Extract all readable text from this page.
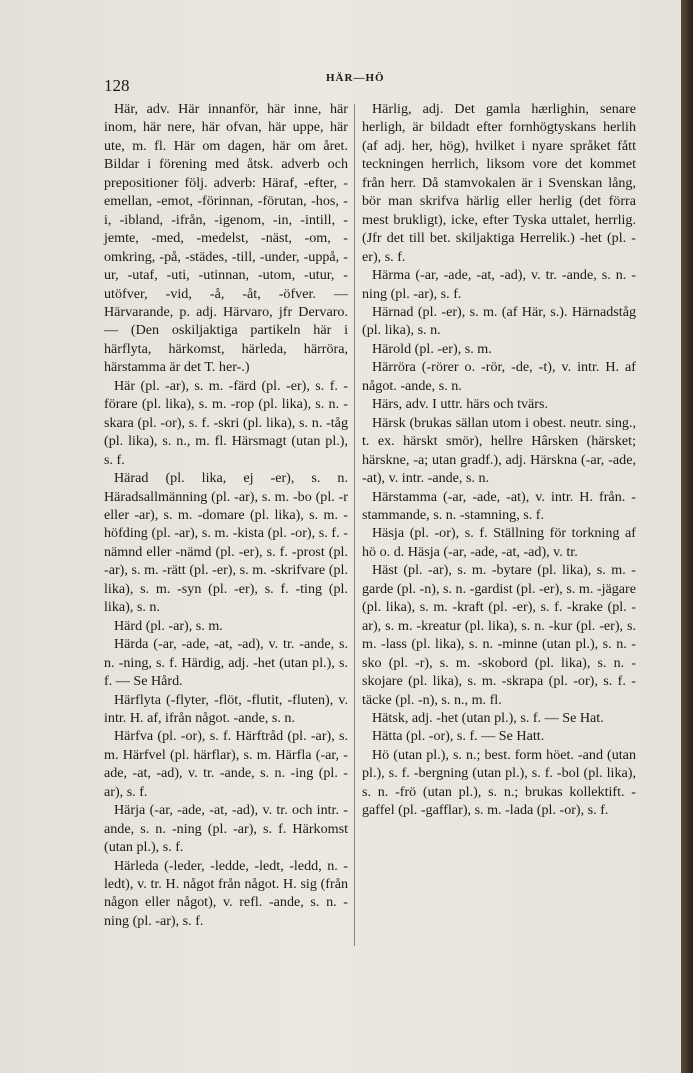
128	HÄR—HÖ

Här, adv. Här innanför, här inne, här inom, här nere, här ofvan, här uppe, här ute, m. fl. Här om dagen, här om året. Bildar i förening med åtsk. adverb och prepositioner följ. adverb: Häraf, -efter, -emellan, -emot, -förinnan, -förutan, -hos, -i, -ibland, -ifrån, -igenom, -in, -intill, -jemte, -med, -medelst, -näst, -om, -omkring, -på, -städes, -till, -under, -uppå, -ur, -utaf, -uti, -utinnan, -utom, -utur, -utöfver, -vid, -å, -åt, -öfver. — Härvarande, p. adj. Härvaro, jfr Dervaro. — (Den oskiljaktiga partikeln här i härflyta, härkomst, härleda, härröra, härstamma är det T. her-.)

Här (pl. -ar), s. m. -färd (pl. -er), s. f. -förare (pl. lika), s. m. -rop (pl. lika), s. n. -skara (pl. -or), s. f. -skri (pl. lika), s. n. -tåg (pl. lika), s. n., m. fl. Härsmagt (utan pl.), s. f.

Härad (pl. lika, ej -er), s. n. Häradsallmänning (pl. -ar), s. m. -bo (pl. -r eller -ar), s. m. -domare (pl. lika), s. m. -höfding (pl. -ar), s. m. -kista (pl. -or), s. f. -nämnd eller -nämd (pl. -er), s. f. -prost (pl. -ar), s. m. -rätt (pl. -er), s. m. -skrifvare (pl. lika), s. m. -syn (pl. -er), s. f. -ting (pl. lika), s. n.

Härd (pl. -ar), s. m.

Härda (-ar, -ade, -at, -ad), v. tr. -ande, s. n. -ning, s. f. Härdig, adj. -het (utan pl.), s. f. — Se Hård.

Härflyta (-flyter, -flöt, -flutit, -fluten), v. intr. H. af, ifrån något. -ande, s. n.

Härfva (pl. -or), s. f. Härftråd (pl. -ar), s. m. Härfvel (pl. härflar), s. m. Härfla (-ar, -ade, -at, -ad), v. tr. -ande, s. n. -ing (pl. -ar), s. f.

Härja (-ar, -ade, -at, -ad), v. tr. och intr. -ande, s. n. -ning (pl. -ar), s. f. Härkomst (utan pl.), s. f.

Härleda (-leder, -ledde, -ledt, -ledd, n. -ledt), v. tr. H. något från något. H. sig (från någon eller något), v. refl. -ande, s. n. -ning (pl. -ar), s. f.

Härlig, adj. Det gamla hærlighin, senare herligh, är bildadt efter fornhögtyskans herlih (af adj. her, hög), hvilket i nyare språket fått teckningen herrlich, liksom vore det kommet från herr. Då stamvokalen är i Svenskan lång, bör man skrifva härlig eller herlig (det förra mest brukligt), icke, efter Tyska uttalet, herrlig. (Jfr det till bet. skiljaktiga Herrelik.) -het (pl. -er), s. f.

Härma (-ar, -ade, -at, -ad), v. tr. -ande, s. n. -ning (pl. -ar), s. f.

Härnad (pl. -er), s. m. (af Här, s.). Härnadståg (pl. lika), s. n.

Härold (pl. -er), s. m.

Härröra (-rörer o. -rör, -de, -t), v. intr. H. af något. -ande, s. n.

Härs, adv. I uttr. härs och tvärs.

Härsk (brukas sällan utom i obest. neutr. sing., t. ex. härskt smör), hellre Hârsken (härsket; härskne, -a; utan gradf.), adj. Härskna (-ar, -ade, -at), v. intr. -ande, s. n.

Härstamma (-ar, -ade, -at), v. intr. H. från. -stammande, s. n. -stamning, s. f.

Häsja (pl. -or), s. f. Ställning för torkning af hö o. d. Häsja (-ar, -ade, -at, -ad), v. tr.

Häst (pl. -ar), s. m. -bytare (pl. lika), s. m. -garde (pl. -n), s. n. -gardist (pl. -er), s. m. -jägare (pl. lika), s. m. -kraft (pl. -er), s. f. -krake (pl. -ar), s. m. -kreatur (pl. lika), s. n. -kur (pl. -er), s. m. -lass (pl. lika), s. n. -minne (utan pl.), s. n. -sko (pl. -r), s. m. -skobord (pl. lika), s. n. -skojare (pl. lika), s. m. -skrapa (pl. -or), s. f. -täcke (pl. -n), s. n., m. fl.

Hätsk, adj. -het (utan pl.), s. f. — Se Hat.

Hätta (pl. -or), s. f. — Se Hatt.

Hö (utan pl.), s. n.; best. form höet. -and (utan pl.), s. f. -bergning (utan pl.), s. f. -bol (pl. lika), s. n. -frö (utan pl.), s. n.; brukas kollektift. -gaffel (pl. -gafflar), s. m. -lada (pl. -or), s. f.
